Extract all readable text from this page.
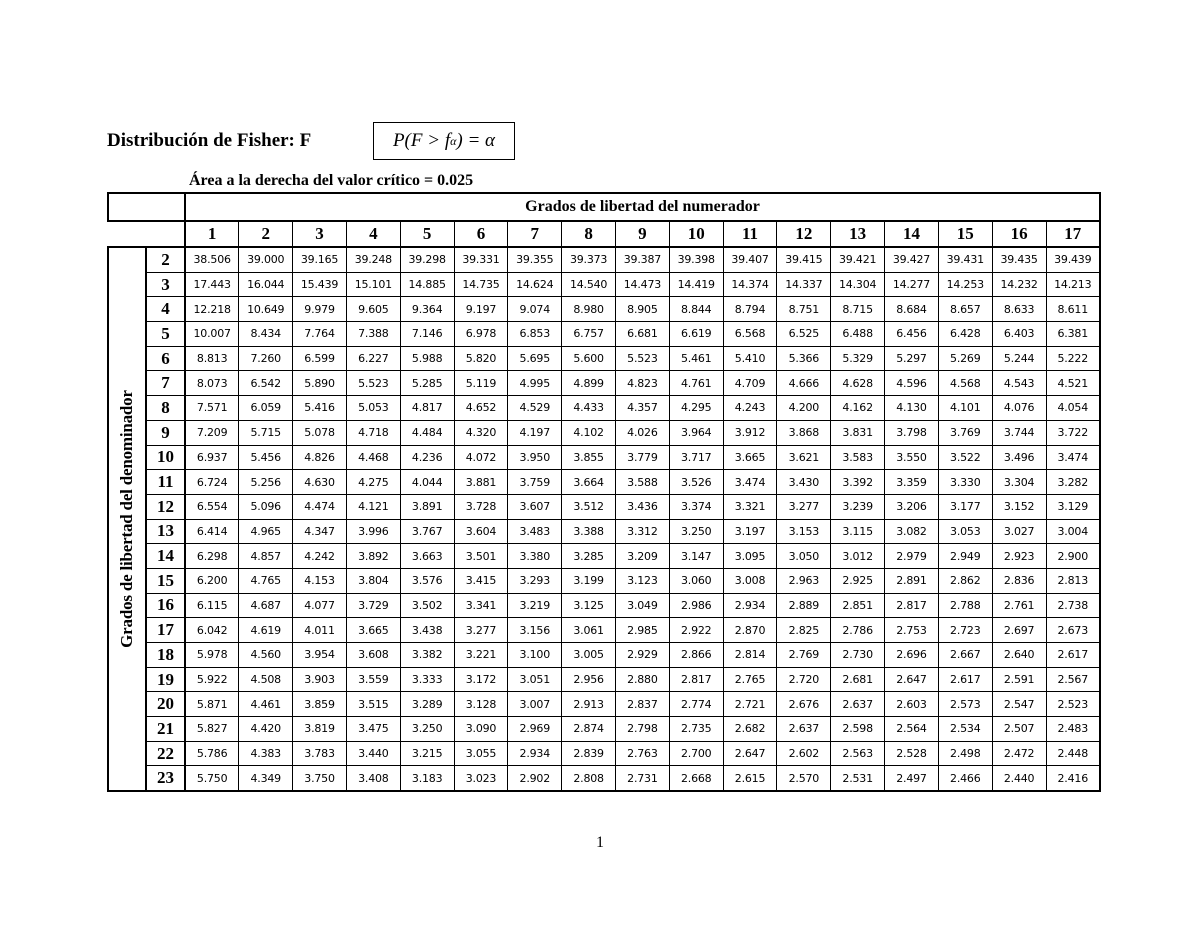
Distribución de Fisher: F	P(F > f α ) = α
Área a la derecha del valor crítico = 0.025
		Grados de libertad del numerador																
		1	2	3	4	5	6	7	8	9	10	11	12	13	14	15	16	17

Grados de libertad del denominador	2	38.506	39.000	39.165	39.248	39.298	39.331	39.355	39.373	39.387	39.398	39.407	39.415	39.421	39.427	39.431	39.435	39.439
	3	17.443	16.044	15.439	15.101	14.885	14.735	14.624	14.540	14.473	14.419	14.374	14.337	14.304	14.277	14.253	14.232	14.213
	4	12.218	10.649	9.979	9.605	9.364	9.197	9.074	8.980	8.905	8.844	8.794	8.751	8.715	8.684	8.657	8.633	8.611
	5	10.007	8.434	7.764	7.388	7.146	6.978	6.853	6.757	6.681	6.619	6.568	6.525	6.488	6.456	6.428	6.403	6.381
	6	8.813	7.260	6.599	6.227	5.988	5.820	5.695	5.600	5.523	5.461	5.410	5.366	5.329	5.297	5.269	5.244	5.222
	7	8.073	6.542	5.890	5.523	5.285	5.119	4.995	4.899	4.823	4.761	4.709	4.666	4.628	4.596	4.568	4.543	4.521
	8	7.571	6.059	5.416	5.053	4.817	4.652	4.529	4.433	4.357	4.295	4.243	4.200	4.162	4.130	4.101	4.076	4.054
	9	7.209	5.715	5.078	4.718	4.484	4.320	4.197	4.102	4.026	3.964	3.912	3.868	3.831	3.798	3.769	3.744	3.722
	10	6.937	5.456	4.826	4.468	4.236	4.072	3.950	3.855	3.779	3.717	3.665	3.621	3.583	3.550	3.522	3.496	3.474
	11	6.724	5.256	4.630	4.275	4.044	3.881	3.759	3.664	3.588	3.526	3.474	3.430	3.392	3.359	3.330	3.304	3.282
	12	6.554	5.096	4.474	4.121	3.891	3.728	3.607	3.512	3.436	3.374	3.321	3.277	3.239	3.206	3.177	3.152	3.129
	13	6.414	4.965	4.347	3.996	3.767	3.604	3.483	3.388	3.312	3.250	3.197	3.153	3.115	3.082	3.053	3.027	3.004
	14	6.298	4.857	4.242	3.892	3.663	3.501	3.380	3.285	3.209	3.147	3.095	3.050	3.012	2.979	2.949	2.923	2.900
	15	6.200	4.765	4.153	3.804	3.576	3.415	3.293	3.199	3.123	3.060	3.008	2.963	2.925	2.891	2.862	2.836	2.813
	16	6.115	4.687	4.077	3.729	3.502	3.341	3.219	3.125	3.049	2.986	2.934	2.889	2.851	2.817	2.788	2.761	2.738
	17	6.042	4.619	4.011	3.665	3.438	3.277	3.156	3.061	2.985	2.922	2.870	2.825	2.786	2.753	2.723	2.697	2.673
	18	5.978	4.560	3.954	3.608	3.382	3.221	3.100	3.005	2.929	2.866	2.814	2.769	2.730	2.696	2.667	2.640	2.617
	19	5.922	4.508	3.903	3.559	3.333	3.172	3.051	2.956	2.880	2.817	2.765	2.720	2.681	2.647	2.617	2.591	2.567
	20	5.871	4.461	3.859	3.515	3.289	3.128	3.007	2.913	2.837	2.774	2.721	2.676	2.637	2.603	2.573	2.547	2.523
	21	5.827	4.420	3.819	3.475	3.250	3.090	2.969	2.874	2.798	2.735	2.682	2.637	2.598	2.564	2.534	2.507	2.483
	22	5.786	4.383	3.783	3.440	3.215	3.055	2.934	2.839	2.763	2.700	2.647	2.602	2.563	2.528	2.498	2.472	2.448
	23	5.750	4.349	3.750	3.408	3.183	3.023	2.902	2.808	2.731	2.668	2.615	2.570	2.531	2.497	2.466	2.440	2.416
1
